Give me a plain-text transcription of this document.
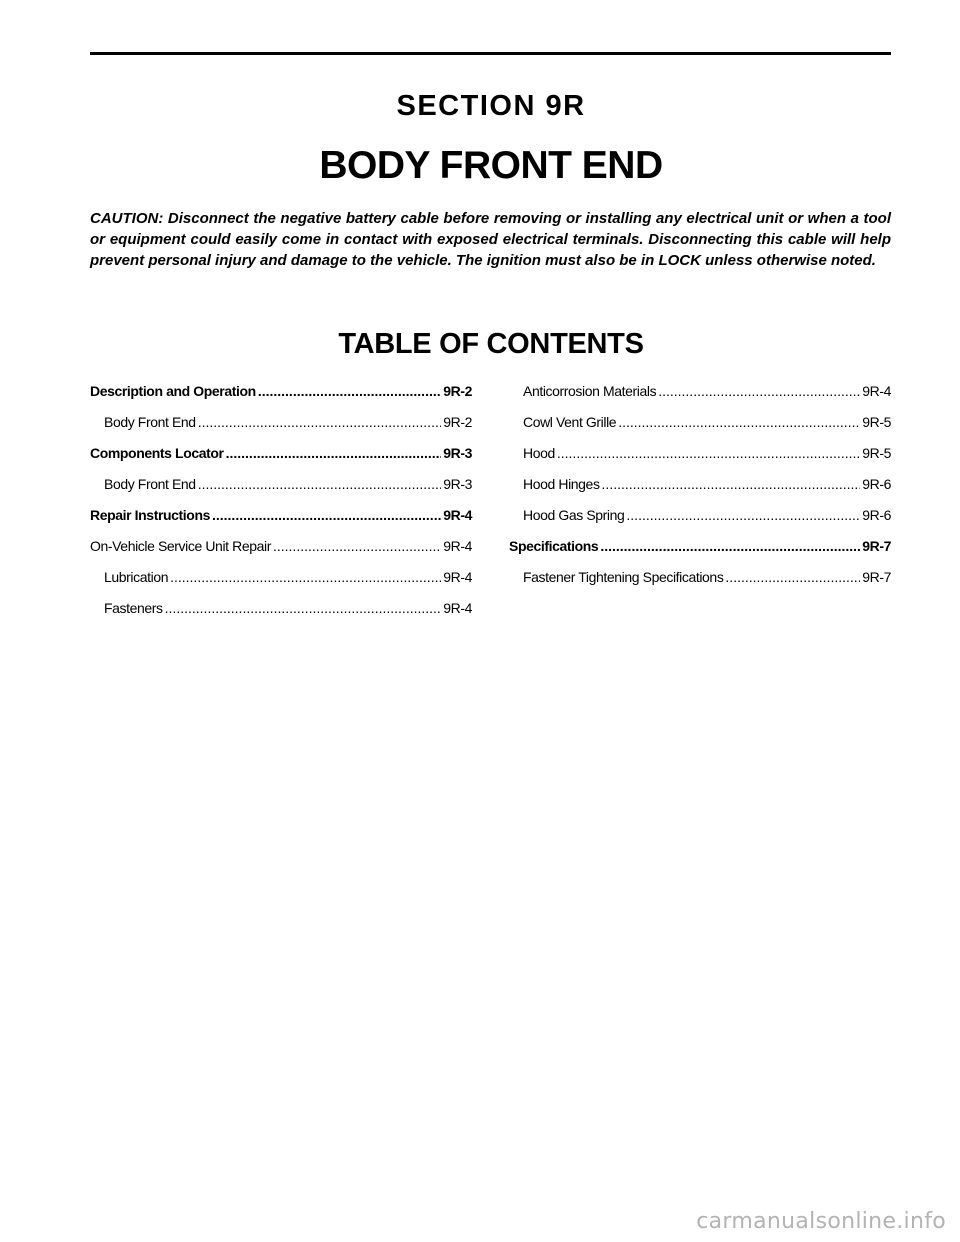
SECTION 9R
BODY FRONT END

CAUTION: Disconnect the negative battery cable before removing or installing any electrical unit or when a tool or equipment could easily come in contact with exposed electrical terminals. Disconnecting this cable will help prevent personal injury and damage to the vehicle. The ignition must also be in LOCK unless otherwise noted.

TABLE OF CONTENTS
Description and Operation .....	9R-2
Body Front End .....	9R-2
Components Locator .....	9R-3
Body Front End .....	9R-3
Repair Instructions .....	9R-4
On-Vehicle Service Unit Repair .....	9R-4
Lubrication .....	9R-4
Fasteners .....	9R-4
Anticorrosion Materials .....	9R-4
Cowl Vent Grille .....	9R-5
Hood .....	9R-5
Hood Hinges .....	9R-6
Hood Gas Spring .....	9R-6
Specifications .....	9R-7
Fastener Tightening Specifications .....	9R-7
carmanualsonline.info
